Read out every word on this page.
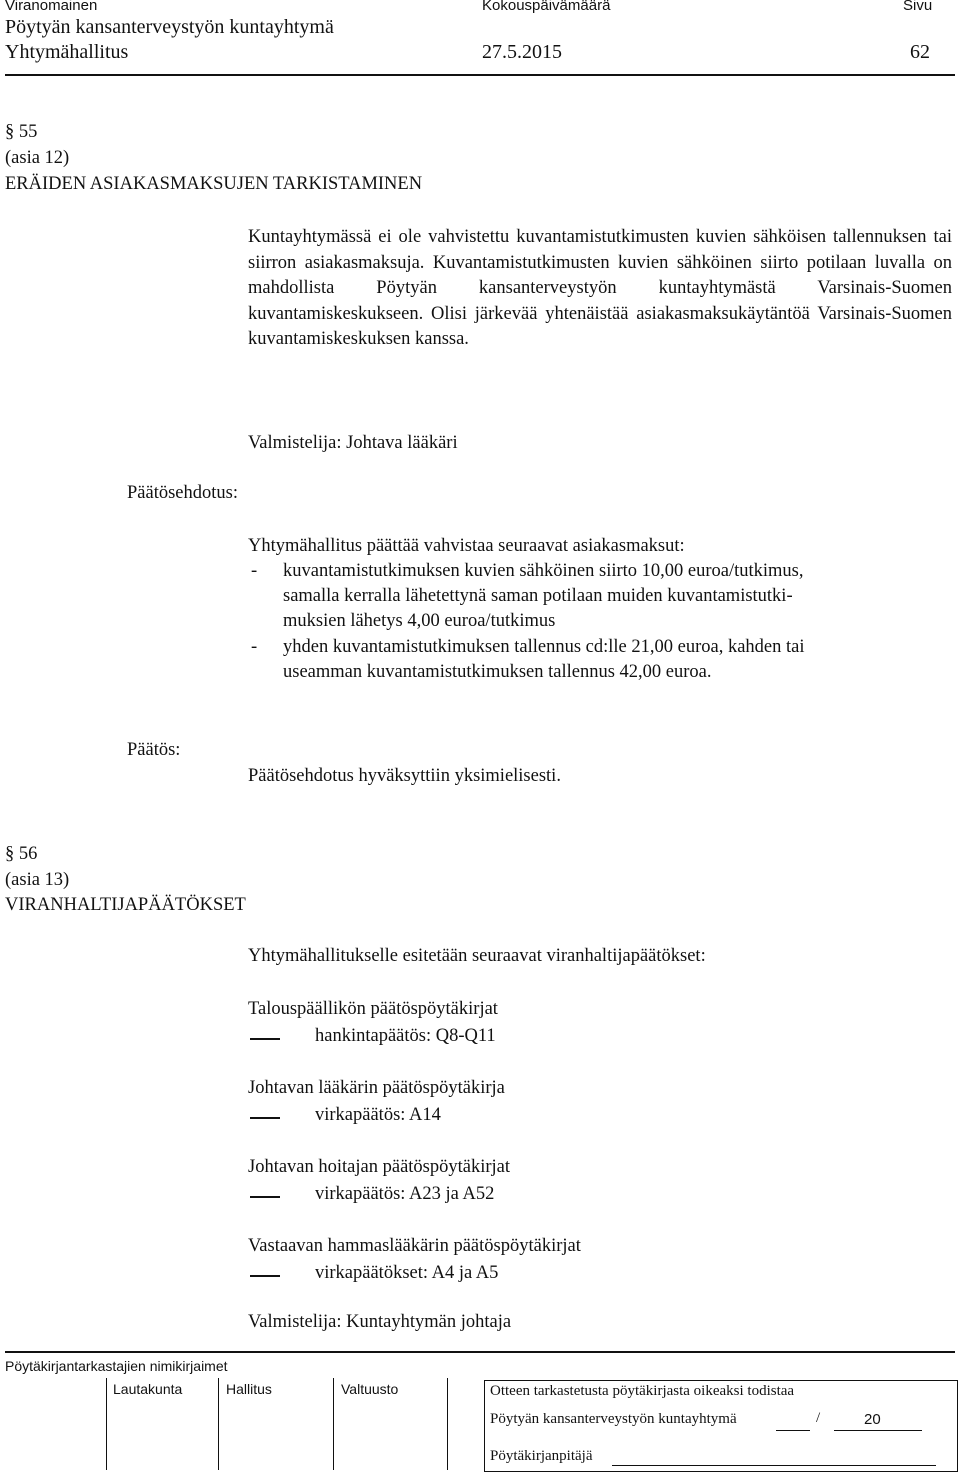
Viranomainen	Kokouspäivämäärä	Sivu
Pöytyän kansanterveystyön kuntayhtymä
Yhtymähallitus	27.5.2015	62
§ 55
(asia 12)
ERÄIDEN ASIAKASMAKSUJEN TARKISTAMINEN
Kuntayhtymässä ei ole vahvistettu kuvantamistutkimusten kuvien sähköisen tallennuksen tai siirron asiakasmaksuja. Kuvantamistutkimusten kuvien sähköinen siirto potilaan luvalla on mahdollista Pöytyän kansanterveystyön kuntayhtymästä Varsinais-Suomen kuvantamiskeskukseen. Olisi järkevää yhtenäistää asiakasmaksukäytäntöä Varsinais-Suomen kuvantamiskeskuksen kanssa.
Valmistelija: Johtava lääkäri
Päätösehdotus:
Yhtymähallitus päättää vahvistaa seuraavat asiakasmaksut:
- kuvantamistutkimuksen kuvien sähköinen siirto 10,00 euroa/tutkimus,
samalla kerralla lähetettynä saman potilaan muiden kuvantamistutki-
muksien lähetys 4,00 euroa/tutkimus
- yhden kuvantamistutkimuksen tallennus cd:lle 21,00 euroa, kahden tai
useamman kuvantamistutkimuksen tallennus 42,00 euroa.
Päätös:
Päätösehdotus hyväksyttiin yksimielisesti.
§ 56
(asia 13)
VIRANHALTIJAPÄÄTÖKSET
Yhtymähallitukselle esitetään seuraavat viranhaltijapäätökset:
Talouspäällikön päätöspöytäkirjat
hankintapäätös: Q8-Q11
Johtavan lääkärin päätöspöytäkirja
virkapäätös: A14
Johtavan hoitajan päätöspöytäkirjat
virkapäätös: A23 ja A52
Vastaavan hammaslääkärin päätöspöytäkirjat
virkapäätökset: A4 ja A5
Valmistelija: Kuntayhtymän johtaja
Pöytäkirjantarkastajien nimikirjaimet
Lautakunta	Hallitus	Valtuusto	Otteen tarkastetusta pöytäkirjasta oikeaksi todistaa
Pöytyän kansanterveystyön kuntayhtymä	/	20
Pöytäkirjanpitäjä
